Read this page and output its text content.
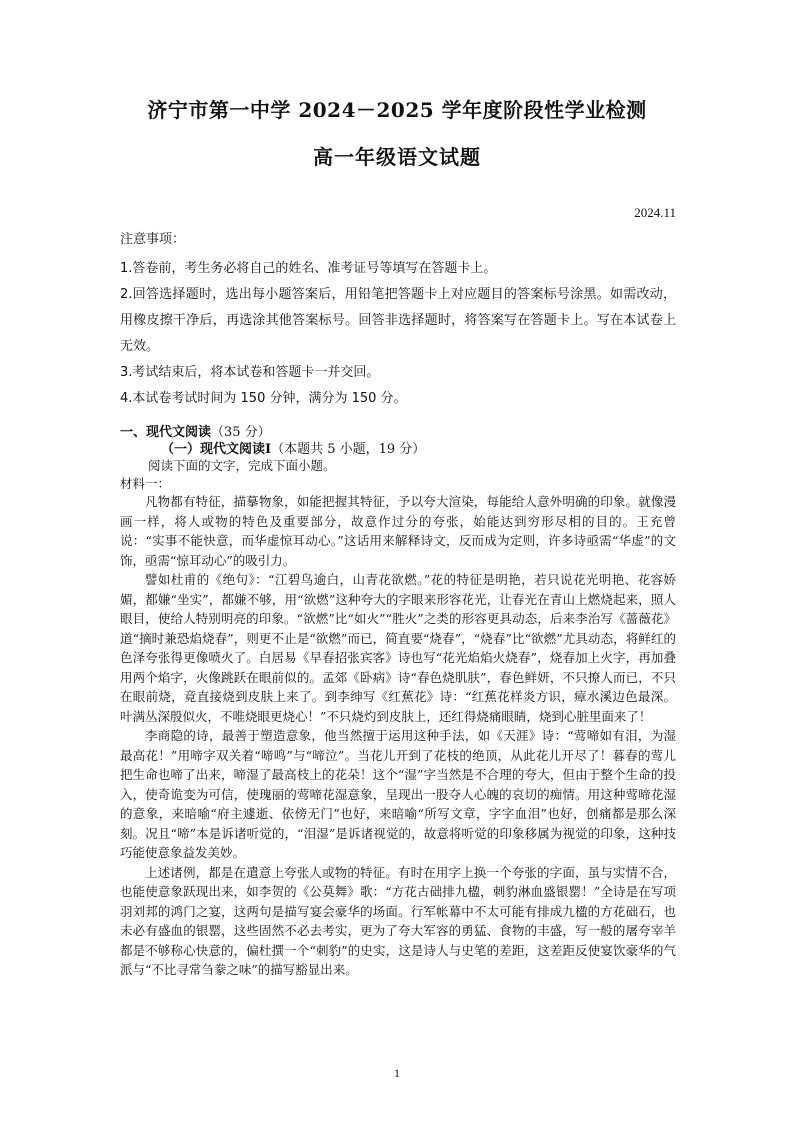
济宁市第一中学 2024－2025 学年度阶段性学业检测
高一年级语文试题
2024.11
注意事项：
1.答卷前，考生务必将自己的姓名、准考证号等填写在答题卡上。
2.回答选择题时，选出每小题答案后，用铅笔把答题卡上对应题目的答案标号涂黑。如需改动，用橡皮擦干净后，再选涂其他答案标号。回答非选择题时，将答案写在答题卡上。写在本试卷上无效。
3.考试结束后，将本试卷和答题卡一并交回。
4.本试卷考试时间为 150 分钟，满分为 150 分。
一、现代文阅读（35 分）
（一）现代文阅读Ⅰ（本题共 5 小题，19 分）
阅读下面的文字，完成下面小题。
材料一：

凡物都有特征，描摹物象，如能把握其特征，予以夸大渲染，每能给人意外明确的印象。就像漫画一样，将人或物的特色及重要部分，故意作过分的夸张，始能达到穷形尽相的目的。王充曾说：“实事不能快意，而华虚惊耳动心。”这话用来解释诗文，反而成为定则，许多诗亟需“华虚”的文饰，亟需“惊耳动心”的吸引力。

譬如杜甫的《绝句》：“江碧鸟逾白，山青花欲燃。”花的特征是明艳，若只说花光明艳、花容娇媚，都嫌“坐实”，都嫌不够，用“欲燃”这种夸大的字眼来形容花光，让春光在青山上燃烧起来，照人眼目，使给人特别明亮的印象。“欲燃”比“如火”“胜火”之类的形容更具动态，后来李治写《蔷薇花》道“摘时兼恐焰烧春”，则更不止是“欲燃”而已，简直要“烧春”，“烧春”比“欲燃”尤具动态，将鲜红的色泽夸张得更像喷火了。白居易《早春招张宾客》诗也写“花光焰焰火烧春”，烧春加上火字，再加叠用两个焰字，火像跳跃在眼前似的。孟郊《卧病》诗“春色烧肌肤”，春色鲜妍，不只撩人而已，不只在眼前烧，竟直接烧到皮肤上来了。到李绅写《红蕉花》诗：“红蕉花样炎方识，瘴水溪边色最深。叶满丛深殷似火，不唯烧眼更烧心！”不只烧灼到皮肤上，还红得烧痛眼睛，烧到心脏里面来了！

李商隐的诗，最善于塑造意象，他当然擅于运用这种手法，如《天涯》诗：“莺啼如有泪，为湿最高花！”用啼字双关着“啼鸣”与“啼泣”。当花儿开到了花枝的绝顶，从此花儿开尽了！暮春的莺儿把生命也啼了出来，啼湿了最高枝上的花朵！这个“湿”字当然是不合理的夸大，但由于整个生命的投入，使奇诡变为可信，使瑰丽的莺啼花湿意象，呈现出一股夺人心魄的哀切的痴情。用这种莺啼花湿的意象，来暗喻“府主遽逝、依傍无门”也好，来暗喻“所写文章，字字血泪”也好，创痛都是那么深刻。况且“啼”本是诉诸听觉的，“泪湿”是诉诸视觉的，故意将听觉的印象移属为视觉的印象，这种技巧能使意象益发美妙。

上述诸例，都是在遣意上夸张人或物的特征。有时在用字上换一个夸张的字面，虽与实情不合，也能使意象跃现出来，如李贺的《公莫舞》歌：“方花古础排九楹，刺豹淋血盛银罂！”全诗是在写项羽刘邦的鸿门之宴，这两句是描写宴会豪华的场面。行军帐幕中不太可能有排成九楹的方花础石，也未必有盛血的银罂，这些固然不必去考实，更为了夸大军容的勇猛、食物的丰盛，写一般的屠夸宰羊都是不够称心快意的，偏杜撰一个“刺豹”的史实，这是诗人与史笔的差距，这差距反使宴饮豪华的气派与“不比寻常刍豢之味”的描写豁显出来。

1
